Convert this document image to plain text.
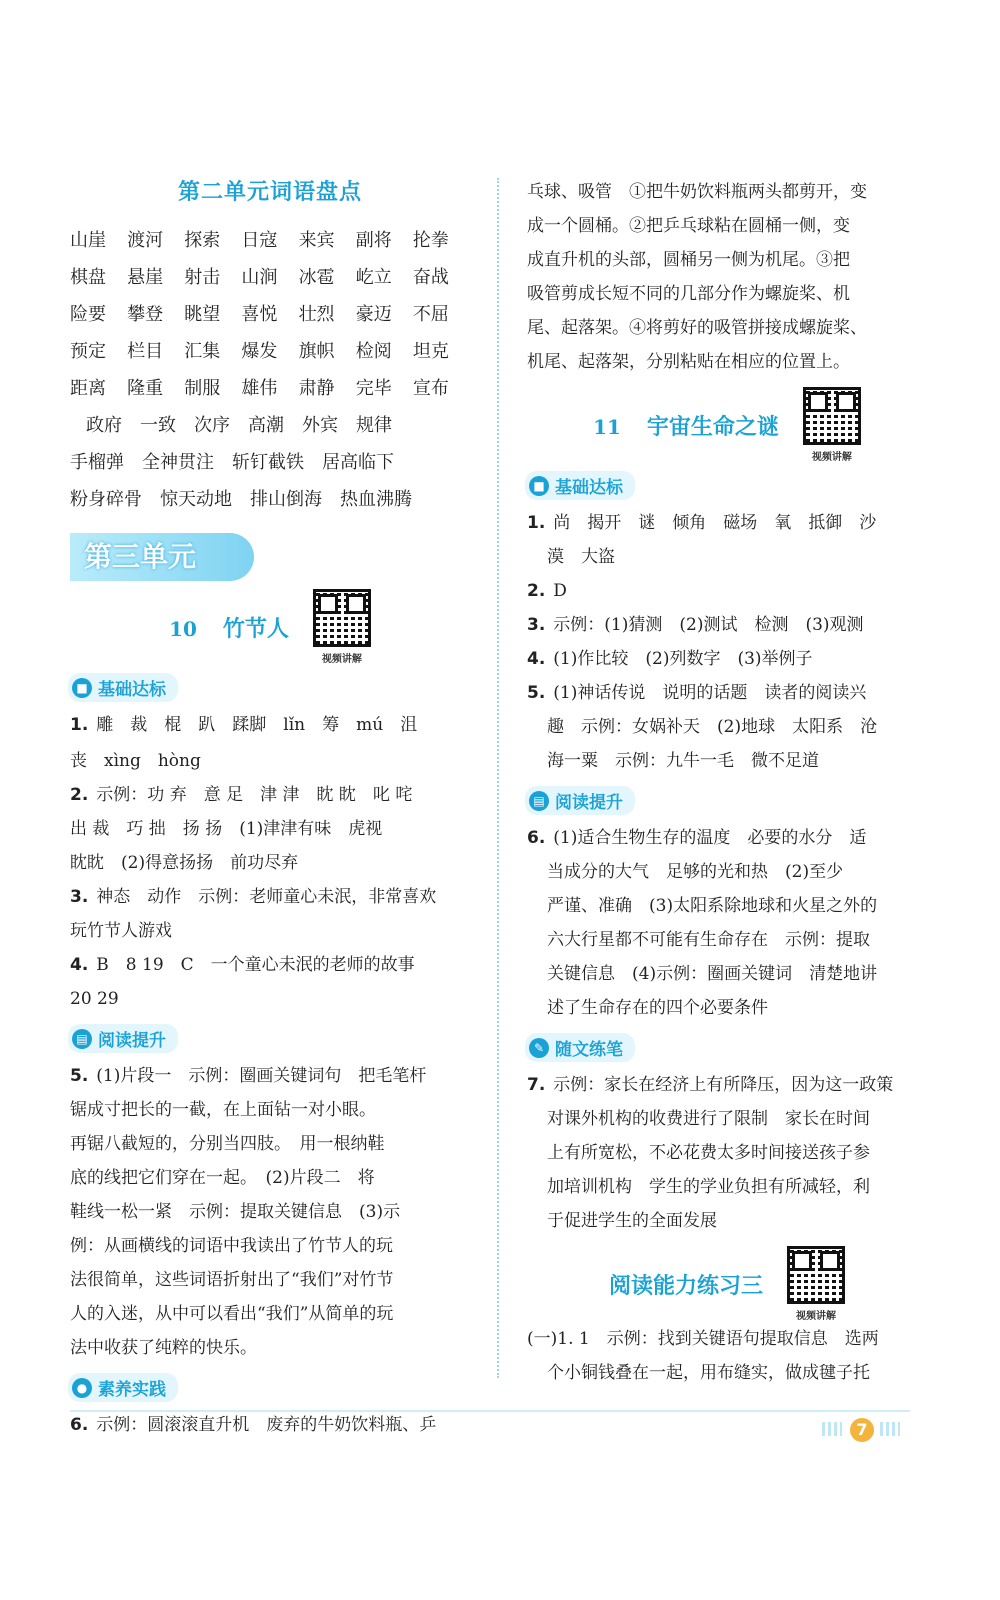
第二单元词语盘点
山崖	渡河	探索	日寇	来宾	副将	抡拳
棋盘	悬崖	射击	山涧	冰雹	屹立	奋战
险要	攀登	眺望	喜悦	壮烈	豪迈	不屈
预定	栏目	汇集	爆发	旗帜	检阅	坦克
距离	隆重	制服	雄伟	肃静	完毕	宣布
政府 一致 次序 高潮 外宾 规律
手榴弹 全神贯注 斩钉截铁 居高临下
粉身碎骨 惊天动地 排山倒海 热血沸腾
第三单元
10 竹节人
视频讲解
■ 基础达标
1. 雕　裁　棍　趴　蹂脚　lǐn　筹　mú　沮
丧　xìng　hòng
2. 示例：功 弃　意 足　津 津　眈 眈　叱 咤
出 裁　巧 拙　扬 扬　(1)津津有味　虎视
眈眈　(2)得意扬扬　前功尽弃
3. 神态　动作　示例：老师童心未泯，非常喜欢
玩竹节人游戏
4. B　8 19　C　一个童心未泯的老师的故事
20 29
▤ 阅读提升
5. (1)片段一　示例：圈画关键词句　把毛笔杆
锯成寸把长的一截，在上面钻一对小眼。
再锯八截短的，分别当四肢。　用一根纳鞋
底的线把它们穿在一起。　(2)片段二　将
鞋线一松一紧　示例：提取关键信息　(3)示
例：从画横线的词语中我读出了竹节人的玩
法很简单，这些词语折射出了“我们”对竹节
人的入迷，从中可以看出“我们”从简单的玩
法中收获了纯粹的快乐。
● 素养实践
6. 示例：圆滚滚直升机　废弃的牛奶饮料瓶、乒
乓球、吸管　①把牛奶饮料瓶两头都剪开，变
成一个圆桶。②把乒乓球粘在圆桶一侧，变
成直升机的头部，圆桶另一侧为机尾。③把
吸管剪成长短不同的几部分作为螺旋桨、机
尾、起落架。④将剪好的吸管拼接成螺旋桨、
机尾、起落架，分别粘贴在相应的位置上。
11 宇宙生命之谜
视频讲解
■ 基础达标
1. 尚　揭开　谜　倾角　磁场　氧　抵御　沙
漠　大盗
2. D
3. 示例：(1)猜测　(2)测试　检测　(3)观测
4. (1)作比较　(2)列数字　(3)举例子
5. (1)神话传说　说明的话题　读者的阅读兴
趣　示例：女娲补天　(2)地球　太阳系　沧
海一粟　示例：九牛一毛　微不足道
▤ 阅读提升
6. (1)适合生物生存的温度　必要的水分　适
当成分的大气　足够的光和热　(2)至少
严谨、准确　(3)太阳系除地球和火星之外的
六大行星都不可能有生命存在　示例：提取
关键信息　(4)示例：圈画关键词　清楚地讲
述了生命存在的四个必要条件
✎ 随文练笔
7. 示例：家长在经济上有所降压，因为这一政策
对课外机构的收费进行了限制　家长在时间
上有所宽松，不必花费太多时间接送孩子参
加培训机构　学生的学业负担有所减轻，利
于促进学生的全面发展
阅读能力练习三
视频讲解
(一)1. 1　示例：找到关键语句提取信息　选两
个小铜钱叠在一起，用布缝实，做成毽子托
7
